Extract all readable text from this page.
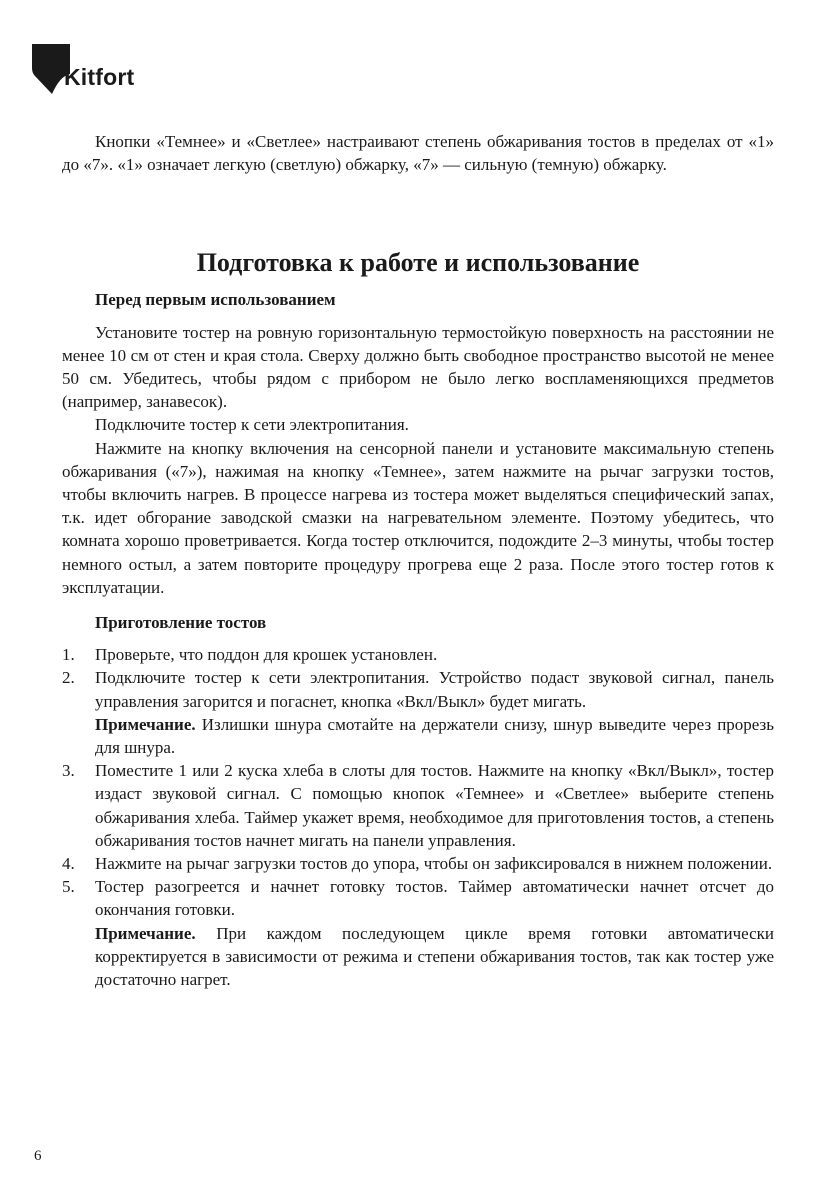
Kitfort

Кнопки «Темнее» и «Светлее» настраивают степень обжаривания тостов в пределах от «1» до «7». «1» означает легкую (светлую) обжарку, «7» — сильную (темную) обжарку.

Подготовка к работе и использование
Перед первым использованием

Установите тостер на ровную горизонтальную термостойкую поверхность на расстоянии не менее 10 см от стен и края стола. Сверху должно быть свободное пространство высотой не менее 50 см. Убедитесь, чтобы рядом с прибором не было легко воспламеняющихся предметов (например, занавесок).

Подключите тостер к сети электропитания.

Нажмите на кнопку включения на сенсорной панели и установите максимальную степень обжаривания («7»), нажимая на кнопку «Темнее», затем нажмите на рычаг загрузки тостов, чтобы включить нагрев. В процессе нагрева из тостера может выделяться специфический запах, т.к. идет обгорание заводской смазки на нагревательном элементе. Поэтому убедитесь, что комната хорошо проветривается. Когда тостер отключится, подождите 2–3 минуты, чтобы тостер немного остыл, а затем повторите процедуру прогрева еще 2 раза. После этого тостер готов к эксплуатации.

Приготовление тостов
1. Проверьте, что поддон для крошек установлен.

2. Подключите тостер к сети электропитания. Устройство подаст звуковой сигнал, панель управления загорится и погаснет, кнопка «Вкл/Выкл» будет мигать.

Примечание. Излишки шнура смотайте на держатели снизу, шнур выведите через прорезь для шнура.

3. Поместите 1 или 2 куска хлеба в слоты для тостов. Нажмите на кнопку «Вкл/Выкл», тостер издаст звуковой сигнал. С помощью кнопок «Темнее» и «Светлее» выберите степень обжаривания хлеба. Таймер укажет время, необходимое для приготовления тостов, а степень обжаривания тостов начнет мигать на панели управления.

4. Нажмите на рычаг загрузки тостов до упора, чтобы он зафиксировался в нижнем положении.

5. Тостер разогреется и начнет готовку тостов. Таймер автоматически начнет отсчет до окончания готовки.

Примечание. При каждом последующем цикле время готовки автоматически корректируется в зависимости от режима и степени обжаривания тостов, так как тостер уже достаточно нагрет.

6
